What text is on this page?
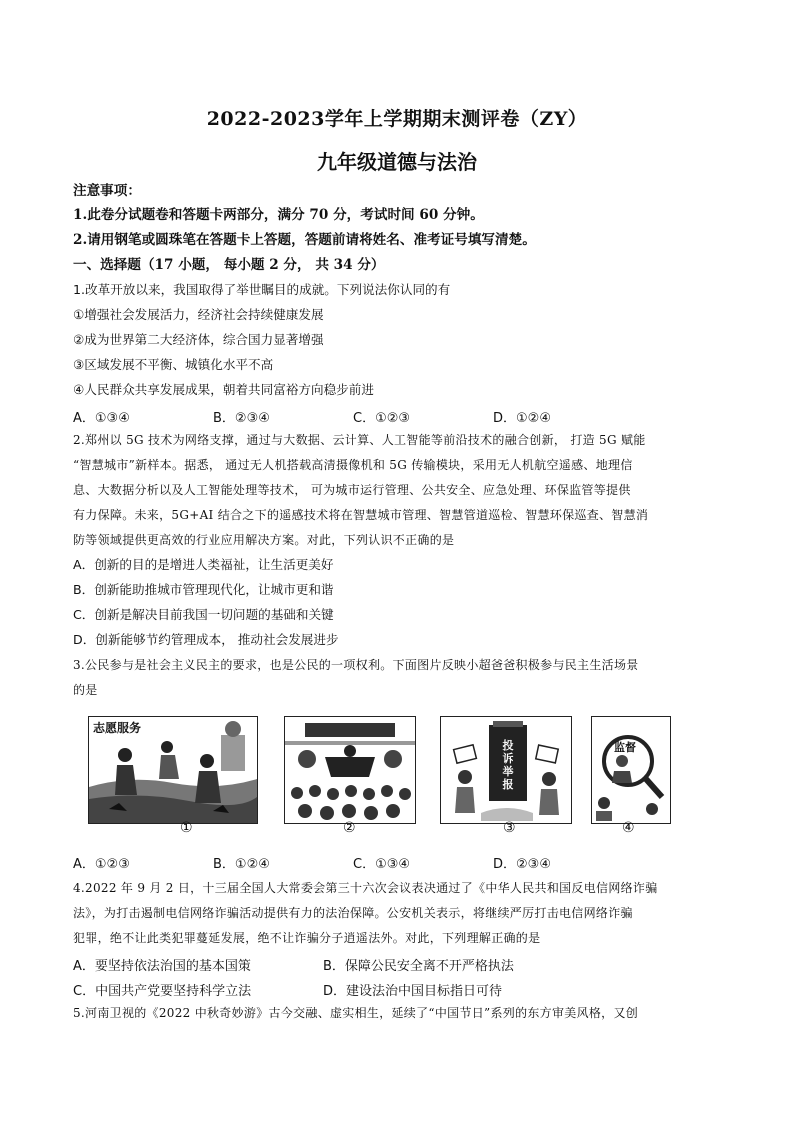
2022-2023学年上学期期末测评卷（ZY）
九年级道德与法治
注意事项：
1.此卷分试题卷和答题卡两部分，满分 70 分，考试时间 60 分钟。
2.请用钢笔或圆珠笔在答题卡上答题，答题前请将姓名、准考证号填写清楚。
一、选择题（17 小题， 每小题 2 分， 共 34 分）
1.改革开放以来，我国取得了举世瞩目的成就。下列说法你认同的有
①增强社会发展活力，经济社会持续健康发展
②成为世界第二大经济体，综合国力显著增强
③区域发展不平衡、城镇化水平不高
④人民群众共享发展成果，朝着共同富裕方向稳步前进
A．①③④	B．②③④	C．①②③	D．①②④
2.郑州以 5G 技术为网络支撑，通过与大数据、云计算、人工智能等前沿技术的融合创新， 打造 5G 赋能
“智慧城市”新样本。据悉， 通过无人机搭载高清摄像机和 5G 传输模块，采用无人机航空遥感、地理信
息、大数据分析以及人工智能处理等技术， 可为城市运行管理、公共安全、应急处理、环保监管等提供
有力保障。未来，5G+AI 结合之下的遥感技术将在智慧城市管理、智慧管道巡检、智慧环保巡查、智慧消
防等领域提供更高效的行业应用解决方案。对此，下列认识不正确的是
A．创新的目的是增进人类福祉，让生活更美好
B．创新能助推城市管理现代化，让城市更和谐
C．创新是解决目前我国一切问题的基础和关键
D．创新能够节约管理成本， 推动社会发展进步
3.公民参与是社会主义民主的要求，也是公民的一项权利。下面图片反映小超爸爸积极参与民主生活场景
的是
志愿服务
投诉举报
监督
①	②	③	④
A．①②③	B．①②④	C．①③④	D．②③④
4.2022 年 9 月 2 日，十三届全国人大常委会第三十六次会议表决通过了《中华人民共和国反电信网络诈骗
法》，为打击遏制电信网络诈骗活动提供有力的法治保障。公安机关表示，将继续严厉打击电信网络诈骗
犯罪，绝不让此类犯罪蔓延发展，绝不让诈骗分子逍遥法外。对此，下列理解正确的是
A．要坚持依法治国的基本国策	B．保障公民安全离不开严格执法
C．中国共产党要坚持科学立法	D．建设法治中国目标指日可待
5.河南卫视的《2022 中秋奇妙游》古今交融、虚实相生，延续了“中国节日”系列的东方审美风格，又创
